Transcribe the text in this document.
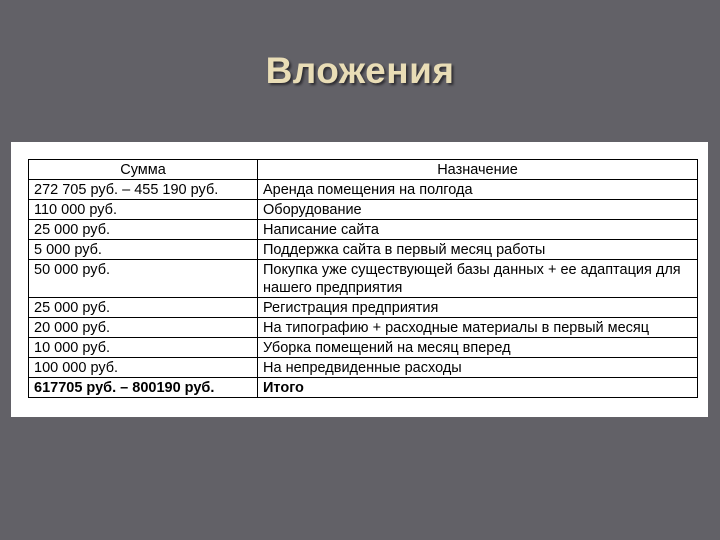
Вложения
Сумма	Назначение
272 705 руб. – 455 190 руб.	Аренда помещения на полгода
110 000 руб.	Оборудование
25 000 руб.	Написание сайта
5 000 руб.	Поддержка сайта в первый месяц работы
50 000 руб.	Покупка уже существующей базы данных + ее адаптация для нашего предприятия
25 000 руб.	Регистрация предприятия
20 000 руб.	На типографию + расходные материалы в первый месяц
10 000 руб.	Уборка помещений на месяц вперед
100 000 руб.	На непредвиденные расходы
617705 руб. – 800190 руб.	Итого
